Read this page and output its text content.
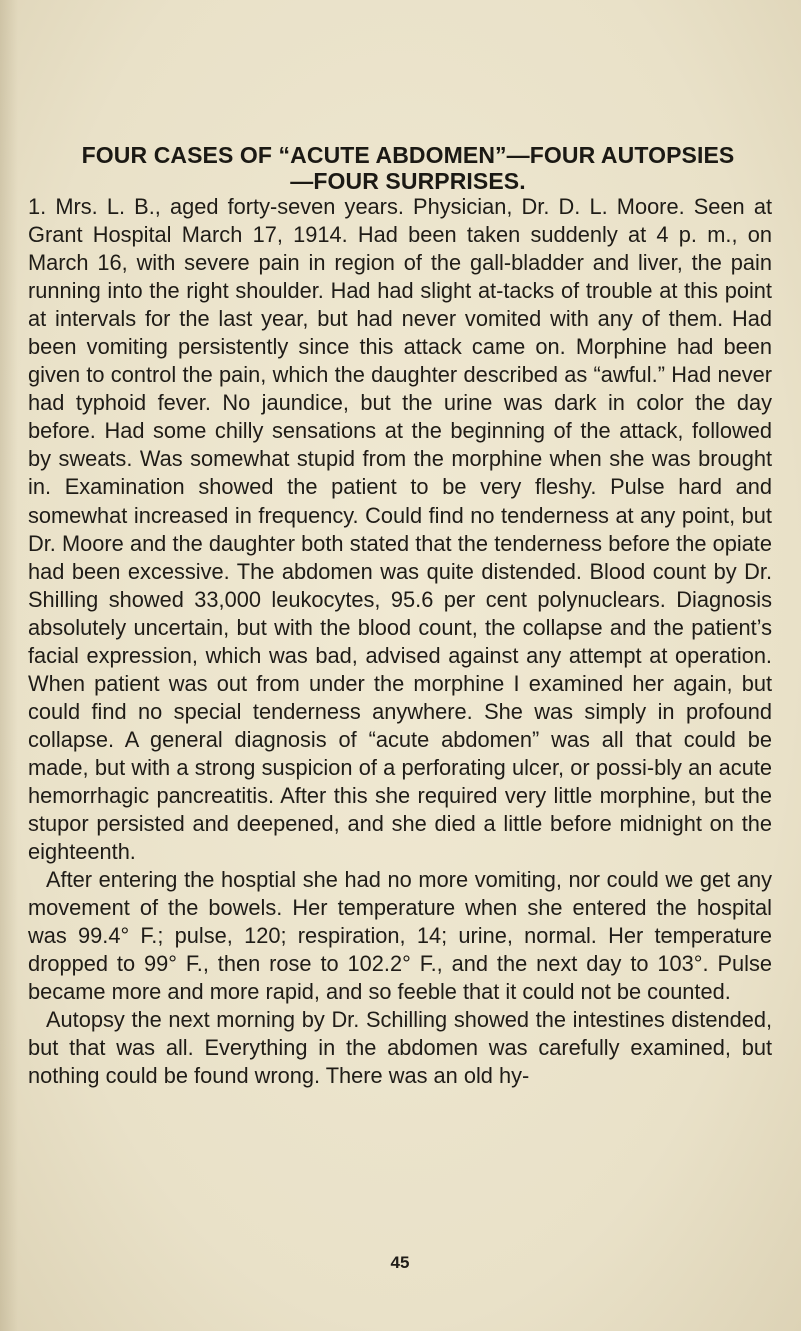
FOUR CASES OF “ACUTE ABDOMEN”—FOUR AUTOPSIES
—FOUR SURPRISES.

1. Mrs. L. B., aged forty-seven years. Physician, Dr. D. L. Moore. Seen at Grant Hospital March 17, 1914. Had been taken suddenly at 4 p. m., on March 16, with severe pain in region of the gall-bladder and liver, the pain running into the right shoulder. Had had slight at-tacks of trouble at this point at intervals for the last year, but had never vomited with any of them. Had been vomiting persistently since this attack came on. Morphine had been given to control the pain, which the daughter described as “awful.” Had never had typhoid fever. No jaundice, but the urine was dark in color the day before. Had some chilly sensations at the beginning of the attack, followed by sweats. Was somewhat stupid from the morphine when she was brought in. Examination showed the patient to be very fleshy. Pulse hard and somewhat increased in frequency. Could find no tenderness at any point, but Dr. Moore and the daughter both stated that the tenderness before the opiate had been excessive. The abdomen was quite distended. Blood count by Dr. Shilling showed 33,000 leukocytes, 95.6 per cent polynuclears. Diagnosis absolutely uncertain, but with the blood count, the collapse and the patient’s facial expression, which was bad, advised against any attempt at operation. When patient was out from under the morphine I examined her again, but could find no special tenderness anywhere. She was simply in profound collapse. A general diagnosis of “acute abdomen” was all that could be made, but with a strong suspicion of a perforating ulcer, or possi-bly an acute hemorrhagic pancreatitis. After this she required very little morphine, but the stupor persisted and deepened, and she died a little before midnight on the eighteenth.

After entering the hosptial she had no more vomiting, nor could we get any movement of the bowels. Her temperature when she entered the hospital was 99.4° F.; pulse, 120; respiration, 14; urine, normal. Her temperature dropped to 99° F., then rose to 102.2° F., and the next day to 103°. Pulse became more and more rapid, and so feeble that it could not be counted.

Autopsy the next morning by Dr. Schilling showed the intestines distended, but that was all. Everything in the abdomen was carefully examined, but nothing could be found wrong. There was an old hy-

45
